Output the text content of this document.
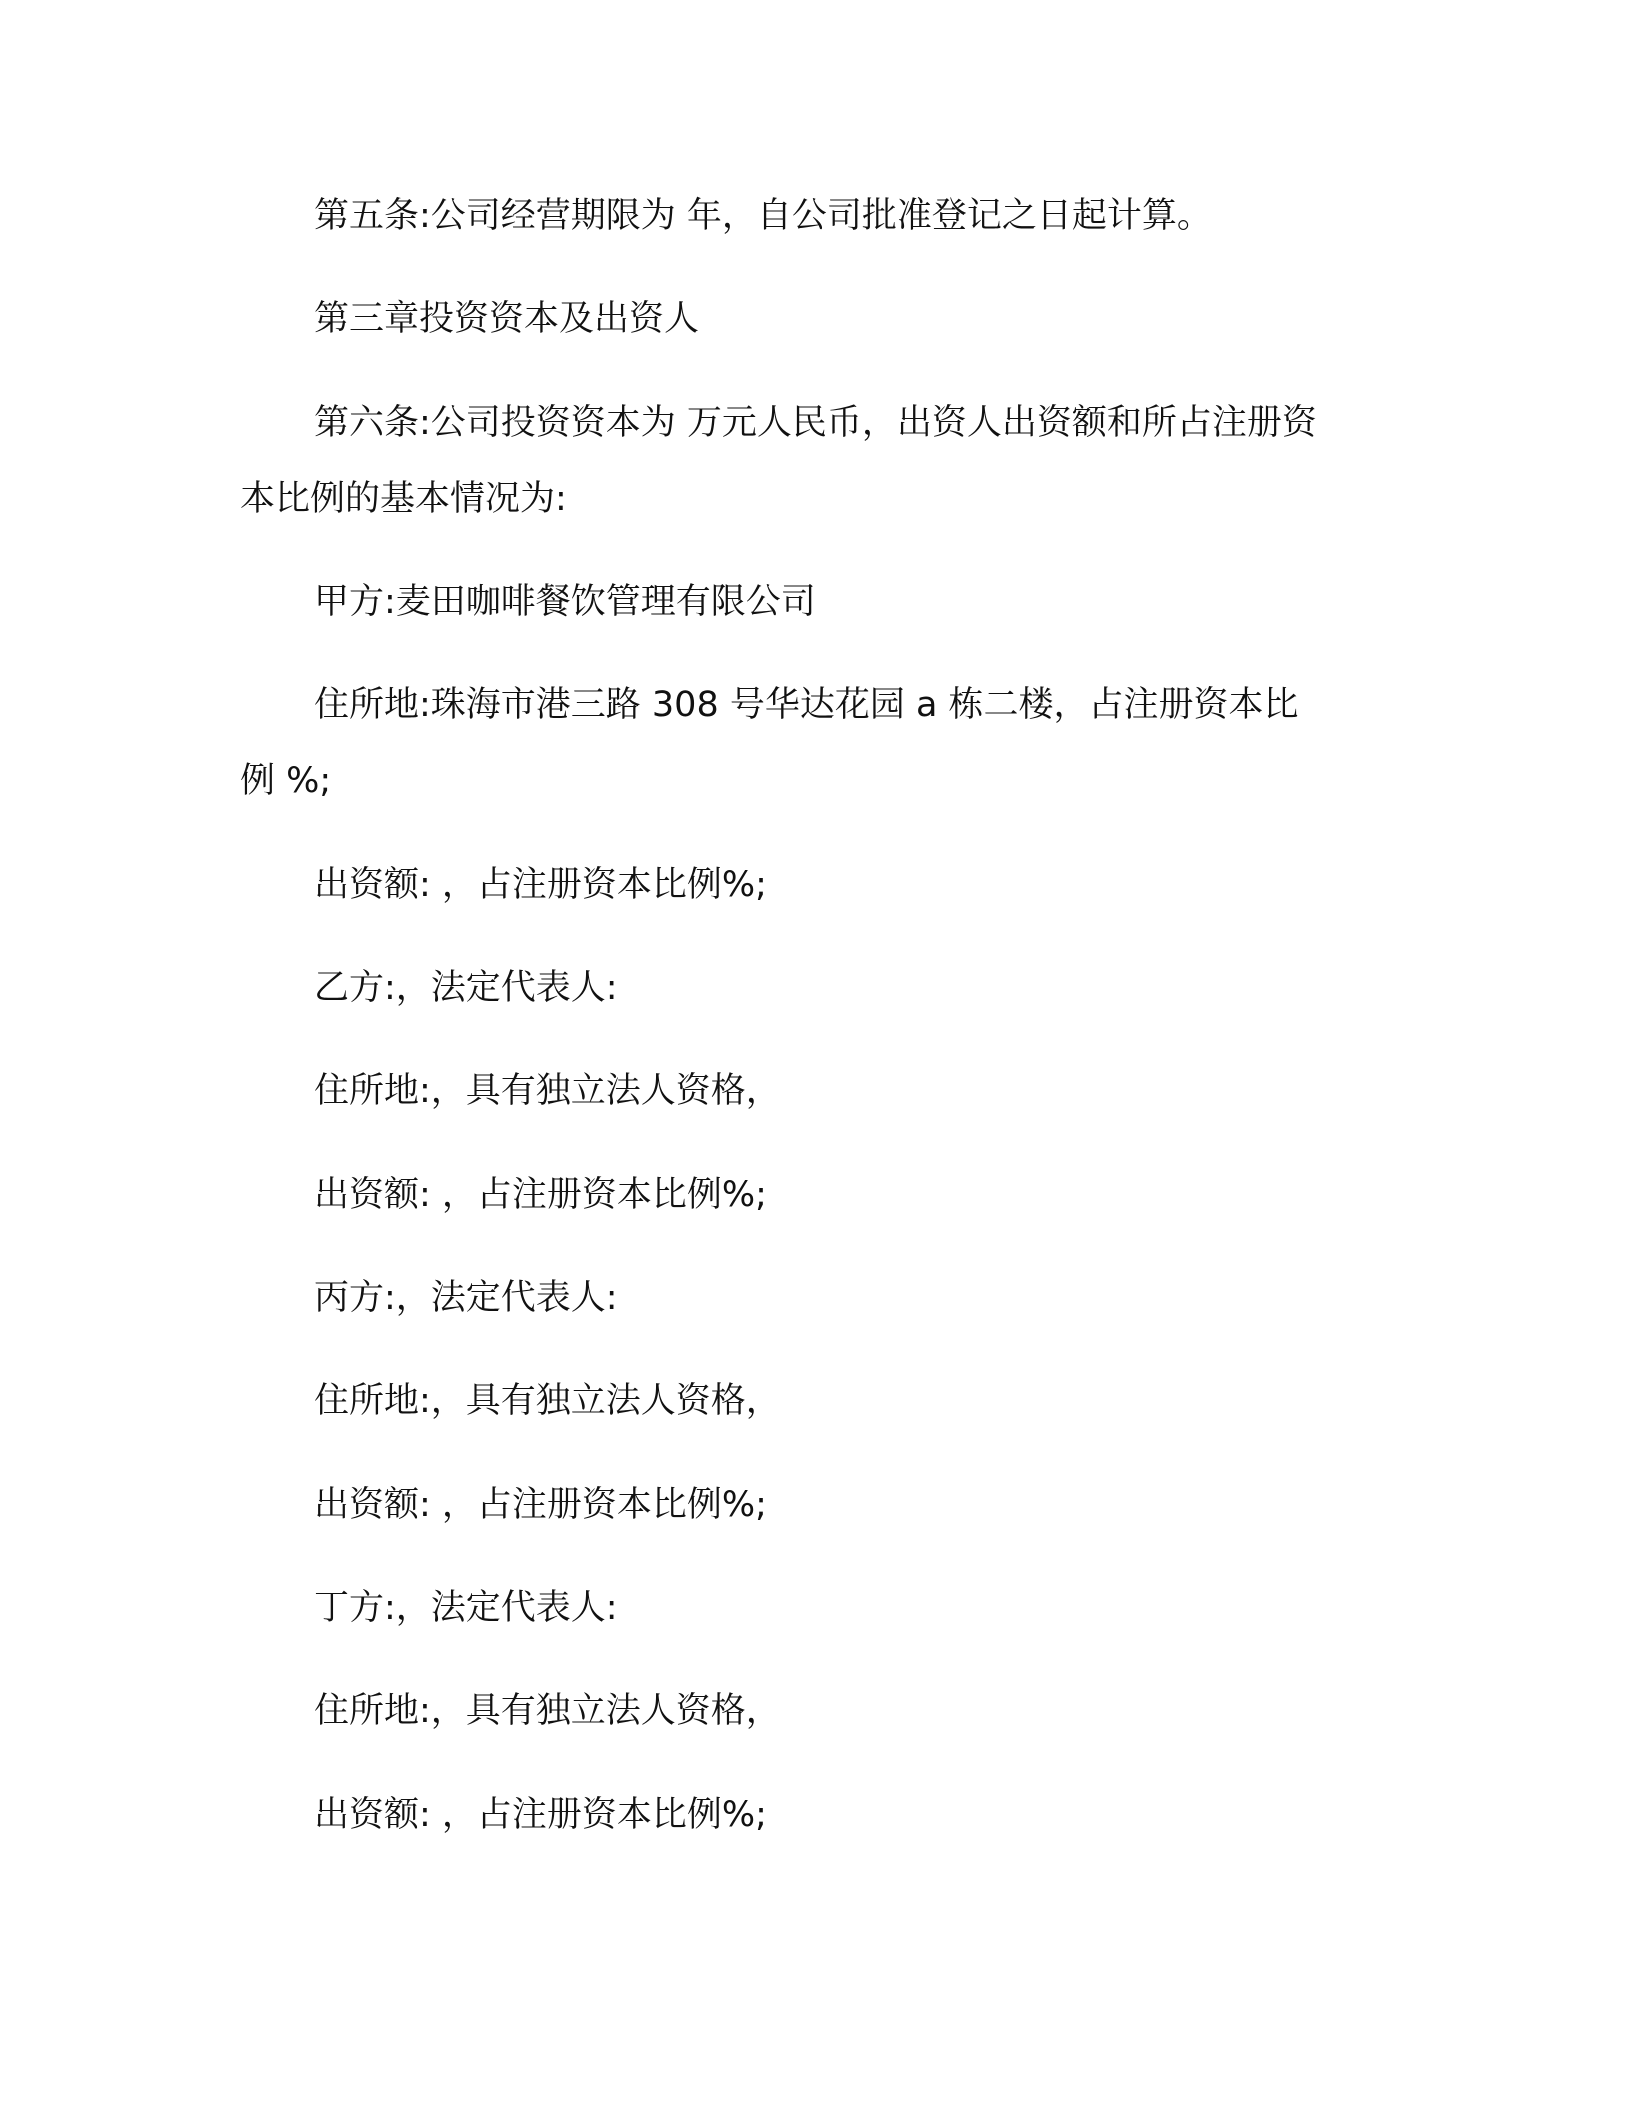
第五条:公司经营期限为 年，自公司批准登记之日起计算。
第三章投资资本及出资人
第六条:公司投资资本为 万元人民币，出资人出资额和所占注册资
本比例的基本情况为:
甲方:麦田咖啡餐饮管理有限公司
住所地:珠海市港三路 308 号华达花园 a 栋二楼，占注册资本比
例 %;
出资额: ，占注册资本比例%;
乙方:，法定代表人:
住所地:，具有独立法人资格，
出资额: ，占注册资本比例%;
丙方:，法定代表人:
住所地:，具有独立法人资格，
出资额: ，占注册资本比例%;
丁方:，法定代表人:
住所地:，具有独立法人资格，
出资额: ，占注册资本比例%;
